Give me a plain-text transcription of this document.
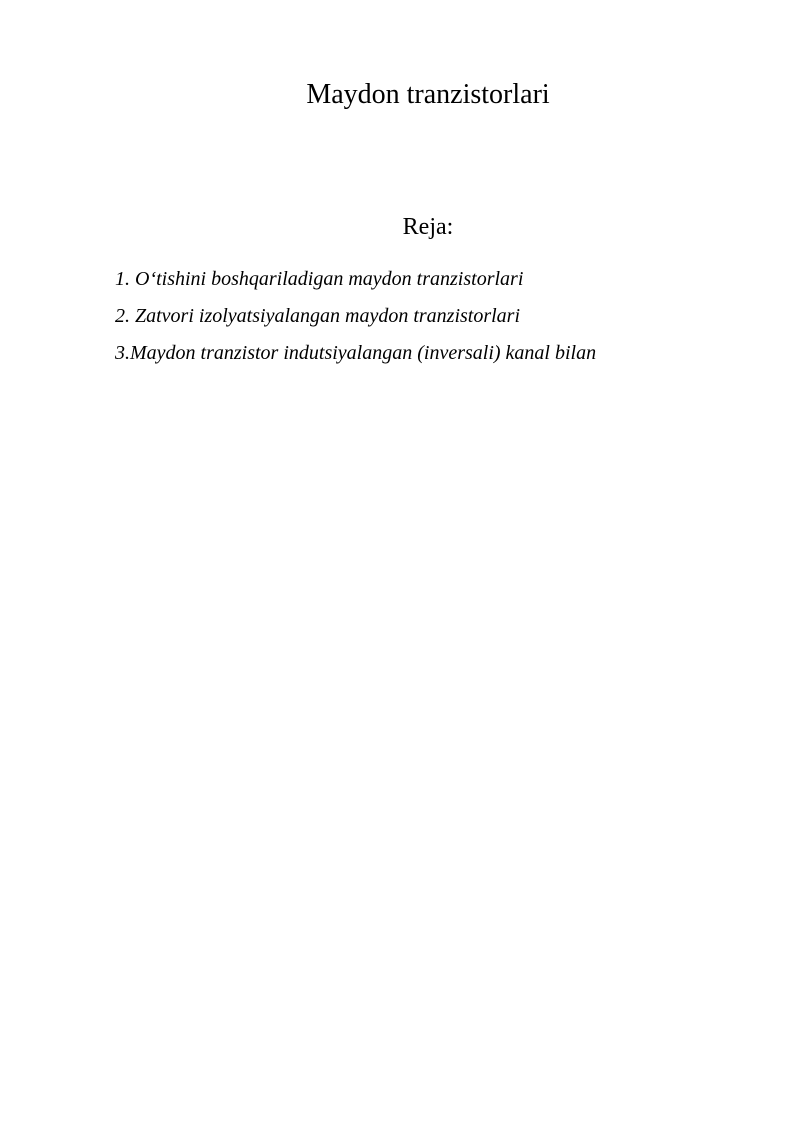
Maydon tranzistorlari
Reja:
1. O‘tishini boshqariladigan maydon tranzistorlari
2. Zatvori izolyatsiyalangan maydon tranzistorlari
3.Maydon tranzistor indutsiyalangan (inversali) kanal bilan
